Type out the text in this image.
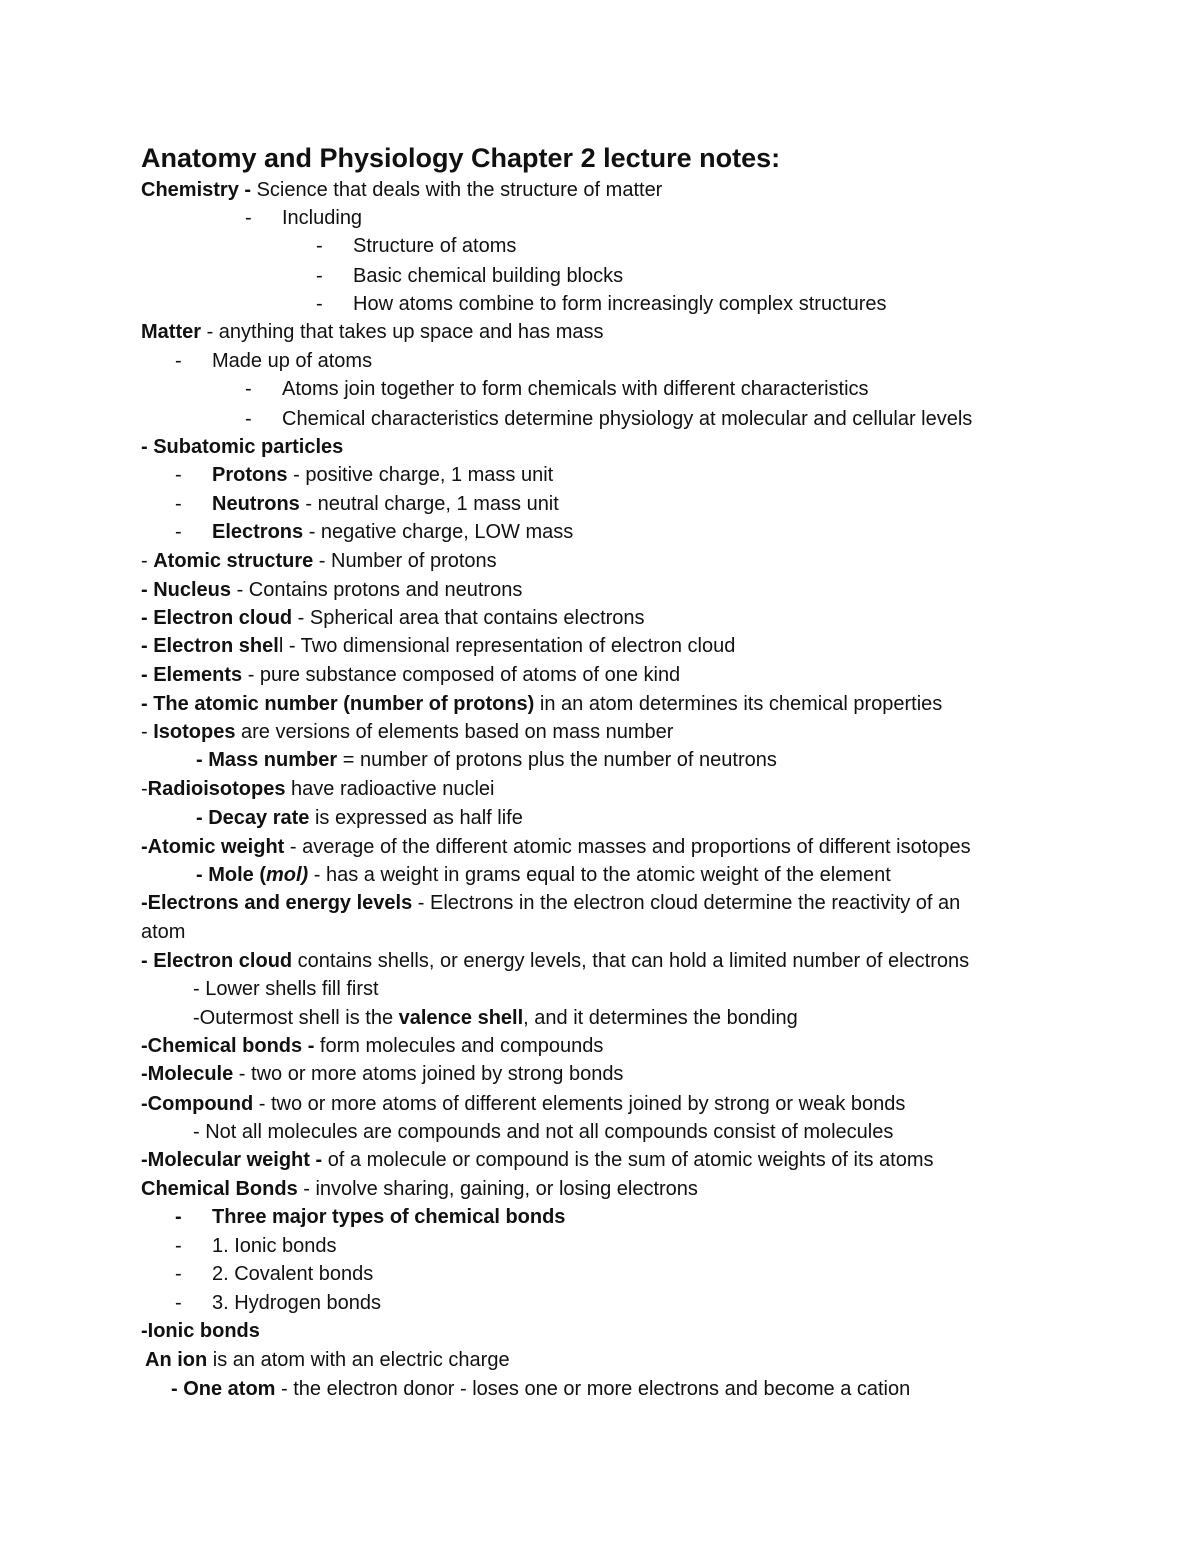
Anatomy and Physiology Chapter 2 lecture notes:
Chemistry - Science that deals with the structure of matter
- Including
- Structure of atoms
- Basic chemical building blocks
- How atoms combine to form increasingly complex structures
Matter - anything that takes up space and has mass
- Made up of atoms
- Atoms join together to form chemicals with different characteristics
- Chemical characteristics determine physiology at molecular and cellular levels
- Subatomic particles
- Protons - positive charge, 1 mass unit
- Neutrons - neutral charge, 1 mass unit
- Electrons - negative charge, LOW mass
- Atomic structure - Number of protons
- Nucleus - Contains protons and neutrons
- Electron cloud - Spherical area that contains electrons
- Electron shell - Two dimensional representation of electron cloud
- Elements - pure substance composed of atoms of one kind
- The atomic number (number of protons) in an atom determines its chemical properties
- Isotopes are versions of elements based on mass number
- Mass number = number of protons plus the number of neutrons
-Radioisotopes have radioactive nuclei
- Decay rate is expressed as half life
-Atomic weight - average of the different atomic masses and proportions of different isotopes
- Mole (mol) - has a weight in grams equal to the atomic weight of the element
-Electrons and energy levels - Electrons in the electron cloud determine the reactivity of an
atom
- Electron cloud contains shells, or energy levels, that can hold a limited number of electrons
- Lower shells fill first
-Outermost shell is the valence shell, and it determines the bonding
-Chemical bonds - form molecules and compounds
-Molecule - two or more atoms joined by strong bonds
-Compound - two or more atoms of different elements joined by strong or weak bonds
- Not all molecules are compounds and not all compounds consist of molecules
-Molecular weight - of a molecule or compound is the sum of atomic weights of its atoms
Chemical Bonds - involve sharing, gaining, or losing electrons
- Three major types of chemical bonds
- 1. Ionic bonds
- 2. Covalent bonds
- 3. Hydrogen bonds
-Ionic bonds
An ion is an atom with an electric charge
- One atom - the electron donor - loses one or more electrons and become a cation
